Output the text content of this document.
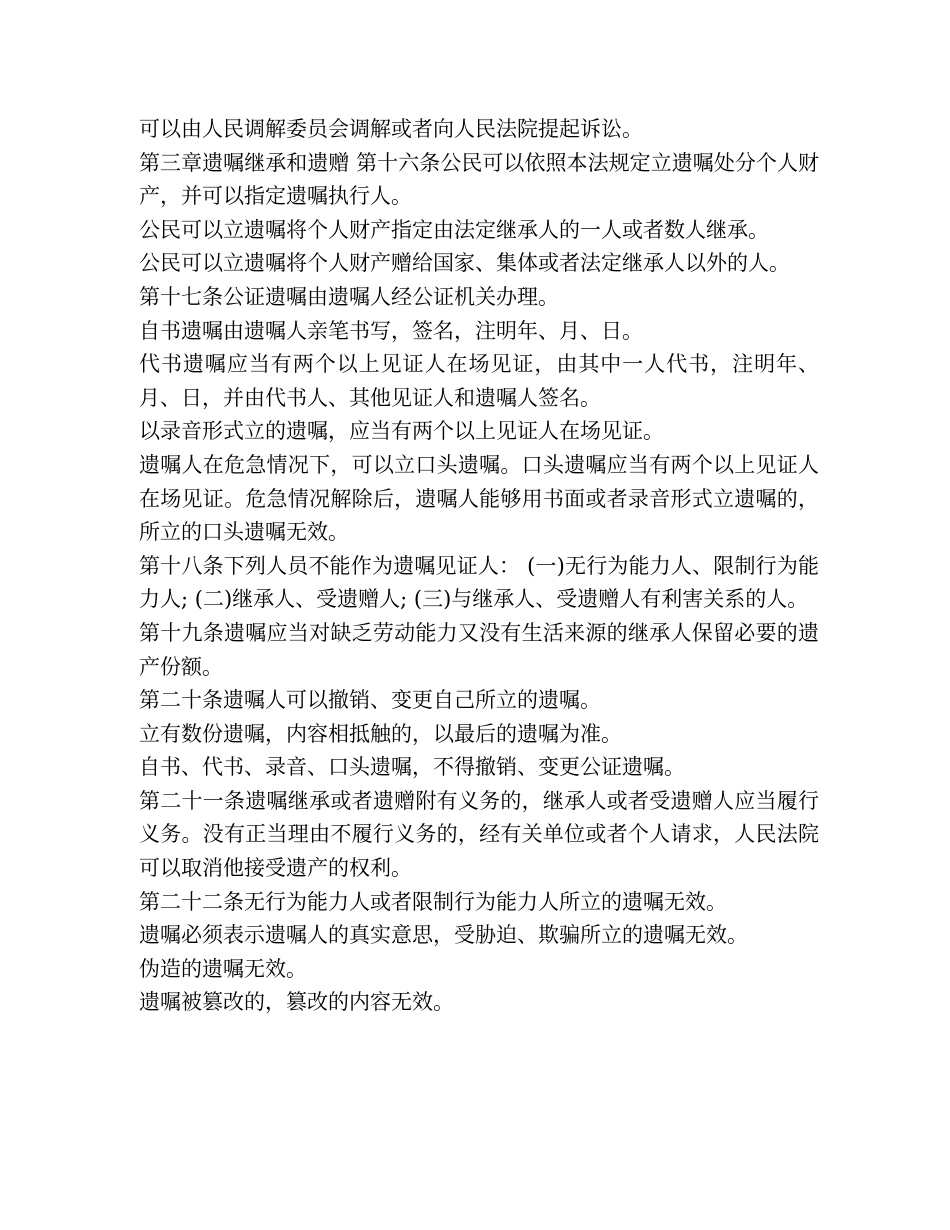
可以由人民调解委员会调解或者向人民法院提起诉讼。

第三章遗嘱继承和遗赠 第十六条公民可以依照本法规定立遗嘱处分个人财产，并可以指定遗嘱执行人。

公民可以立遗嘱将个人财产指定由法定继承人的一人或者数人继承。

公民可以立遗嘱将个人财产赠给国家、集体或者法定继承人以外的人。

第十七条公证遗嘱由遗嘱人经公证机关办理。

自书遗嘱由遗嘱人亲笔书写，签名，注明年、月、日。

代书遗嘱应当有两个以上见证人在场见证，由其中一人代书，注明年、月、日，并由代书人、其他见证人和遗嘱人签名。

以录音形式立的遗嘱，应当有两个以上见证人在场见证。

遗嘱人在危急情况下，可以立口头遗嘱。口头遗嘱应当有两个以上见证人在场见证。危急情况解除后，遗嘱人能够用书面或者录音形式立遗嘱的，所立的口头遗嘱无效。

第十八条下列人员不能作为遗嘱见证人： (一)无行为能力人、限制行为能力人; (二)继承人、受遗赠人; (三)与继承人、受遗赠人有利害关系的人。

第十九条遗嘱应当对缺乏劳动能力又没有生活来源的继承人保留必要的遗产份额。

第二十条遗嘱人可以撤销、变更自己所立的遗嘱。

立有数份遗嘱，内容相抵触的，以最后的遗嘱为准。

自书、代书、录音、口头遗嘱，不得撤销、变更公证遗嘱。

第二十一条遗嘱继承或者遗赠附有义务的，继承人或者受遗赠人应当履行义务。没有正当理由不履行义务的，经有关单位或者个人请求，人民法院可以取消他接受遗产的权利。

第二十二条无行为能力人或者限制行为能力人所立的遗嘱无效。

遗嘱必须表示遗嘱人的真实意思，受胁迫、欺骗所立的遗嘱无效。

伪造的遗嘱无效。

遗嘱被篡改的，篡改的内容无效。
